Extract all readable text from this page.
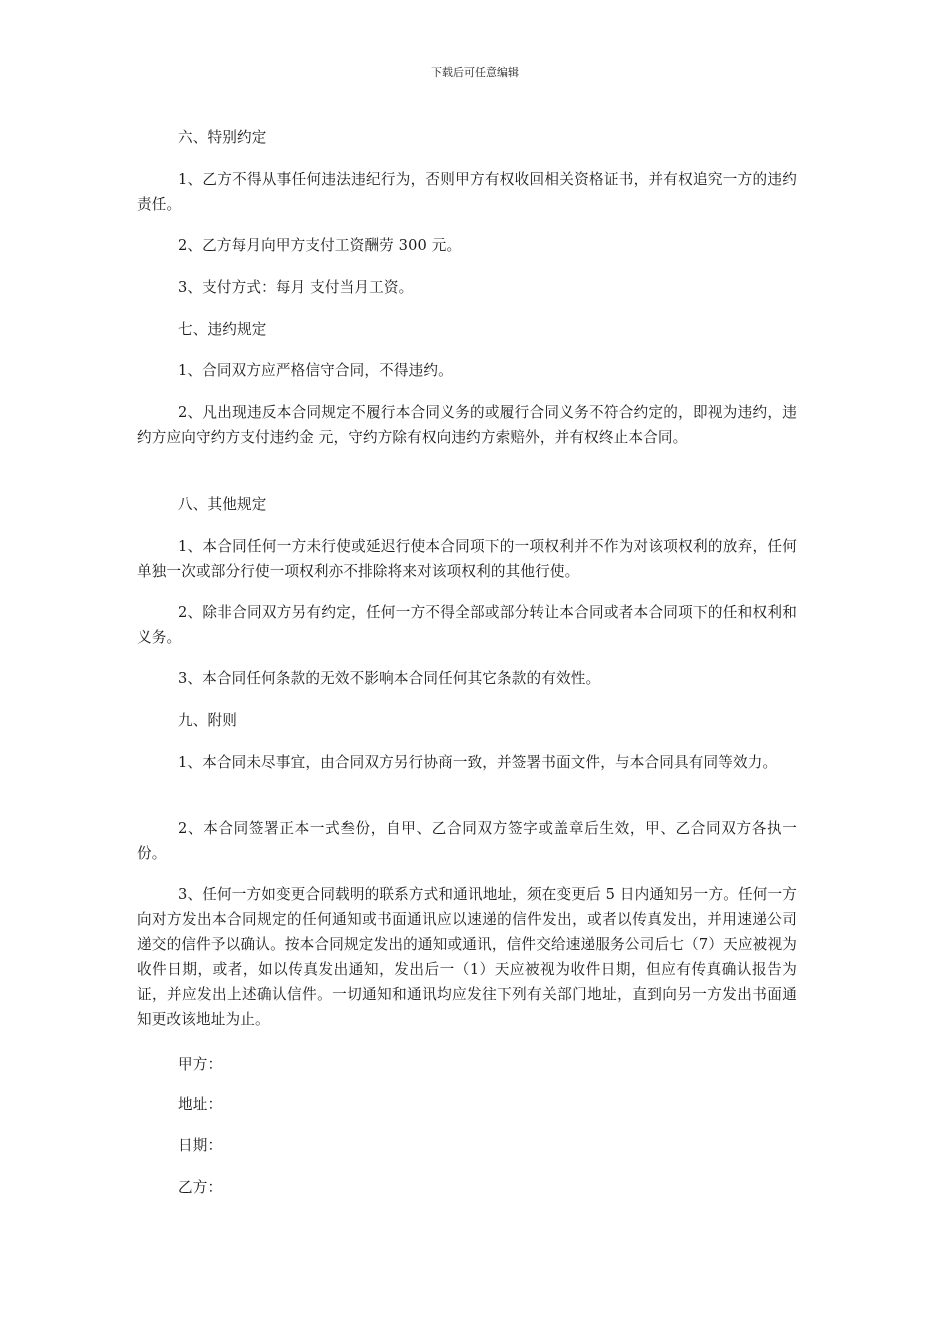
下载后可任意编辑

六、特别约定

1、乙方不得从事任何违法违纪行为，否则甲方有权收回相关资格证书，并有权追究一方的违约责任。

2、乙方每月向甲方支付工资酬劳 300 元。

3、支付方式：每月 支付当月工资。

七、违约规定

1、合同双方应严格信守合同，不得违约。

2、凡出现违反本合同规定不履行本合同义务的或履行合同义务不符合约定的，即视为违约，违约方应向守约方支付违约金 元，守约方除有权向违约方索赔外，并有权终止本合同。

八、其他规定

1、本合同任何一方未行使或延迟行使本合同项下的一项权利并不作为对该项权利的放弃，任何单独一次或部分行使一项权利亦不排除将来对该项权利的其他行使。

2、除非合同双方另有约定，任何一方不得全部或部分转让本合同或者本合同项下的任和权利和义务。

3、本合同任何条款的无效不影响本合同任何其它条款的有效性。

九、附则

1、本合同未尽事宜，由合同双方另行协商一致，并签署书面文件，与本合同具有同等效力。

2、本合同签署正本一式叁份，自甲、乙合同双方签字或盖章后生效，甲、乙合同双方各执一份。

3、任何一方如变更合同载明的联系方式和通讯地址，须在变更后 5 日内通知另一方。任何一方向对方发出本合同规定的任何通知或书面通讯应以速递的信件发出，或者以传真发出，并用速递公司递交的信件予以确认。按本合同规定发出的通知或通讯，信件交给速递服务公司后七（7）天应被视为收件日期，或者，如以传真发出通知，发出后一（1）天应被视为收件日期，但应有传真确认报告为证，并应发出上述确认信件。一切通知和通讯均应发往下列有关部门地址，直到向另一方发出书面通知更改该地址为止。

甲方：

地址：

日期：

乙方：
